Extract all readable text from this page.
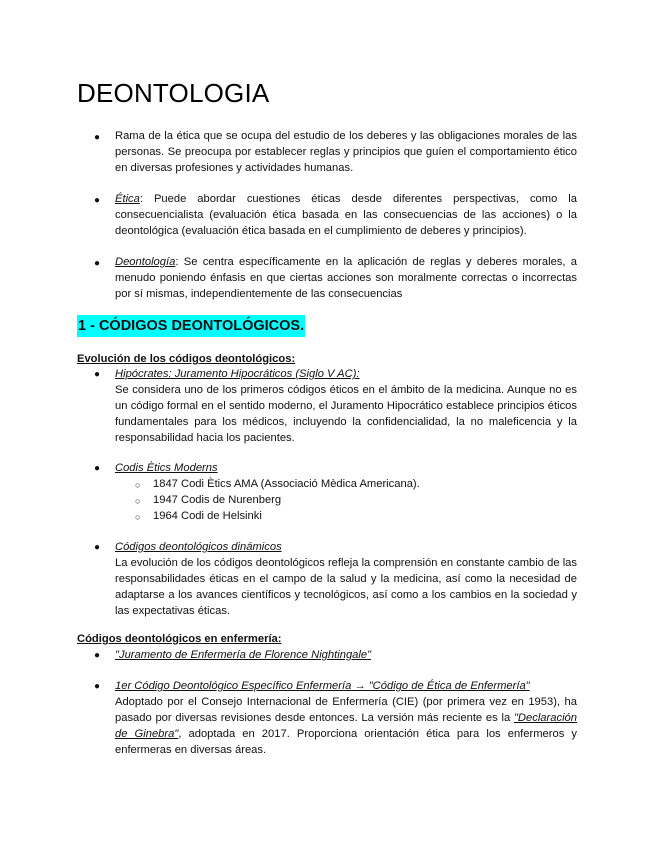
DEONTOLOGIA
● Rama de la ética que se ocupa del estudio de los deberes y las obligaciones morales de las personas. Se preocupa por establecer reglas y principios que guíen el comportamiento ético en diversas profesiones y actividades humanas.

● Ética: Puede abordar cuestiones éticas desde diferentes perspectivas, como la consecuencialista (evaluación ética basada en las consecuencias de las acciones) o la deontológica (evaluación ética basada en el cumplimiento de deberes y principios).

● Deontología: Se centra específicamente en la aplicación de reglas y deberes morales, a menudo poniendo énfasis en que ciertas acciones son moralmente correctas o incorrectas por sí mismas, independientemente de las consecuencias

1 - CÓDIGOS DEONTOLÓGICOS.
Evolución de los códigos deontológicos:
● Hipócrates: Juramento Hipocráticos (Siglo V AC):

Se considera uno de los primeros códigos éticos en el ámbito de la medicina. Aunque no es un código formal en el sentido moderno, el Juramento Hipocrático establece principios éticos fundamentales para los médicos, incluyendo la confidencialidad, la no maleficencia y la responsabilidad hacia los pacientes.

● Codis Ètics Moderns
○ 1847 Codi Ètics AMA (Associació Mèdica Americana).
○ 1947 Codis de Nurenberg
○ 1964 Codi de Helsinki
● Códigos deontológicos dinámicos

La evolución de los códigos deontológicos refleja la comprensión en constante cambio de las responsabilidades éticas en el campo de la salud y la medicina, así como la necesidad de adaptarse a los avances científicos y tecnológicos, así como a los cambios en la sociedad y las expectativas éticas.

Códigos deontológicos en enfermería:
● "Juramento de Enfermería de Florence Nightingale"
● 1er Código Deontológico Específico Enfermería → "Código de Ética de Enfermería"

Adoptado por el Consejo Internacional de Enfermería (CIE) (por primera vez en 1953), ha pasado por diversas revisiones desde entonces. La versión más reciente es la "Declaración de Ginebra", adoptada en 2017. Proporciona orientación ética para los enfermeros y enfermeras en diversas áreas.
